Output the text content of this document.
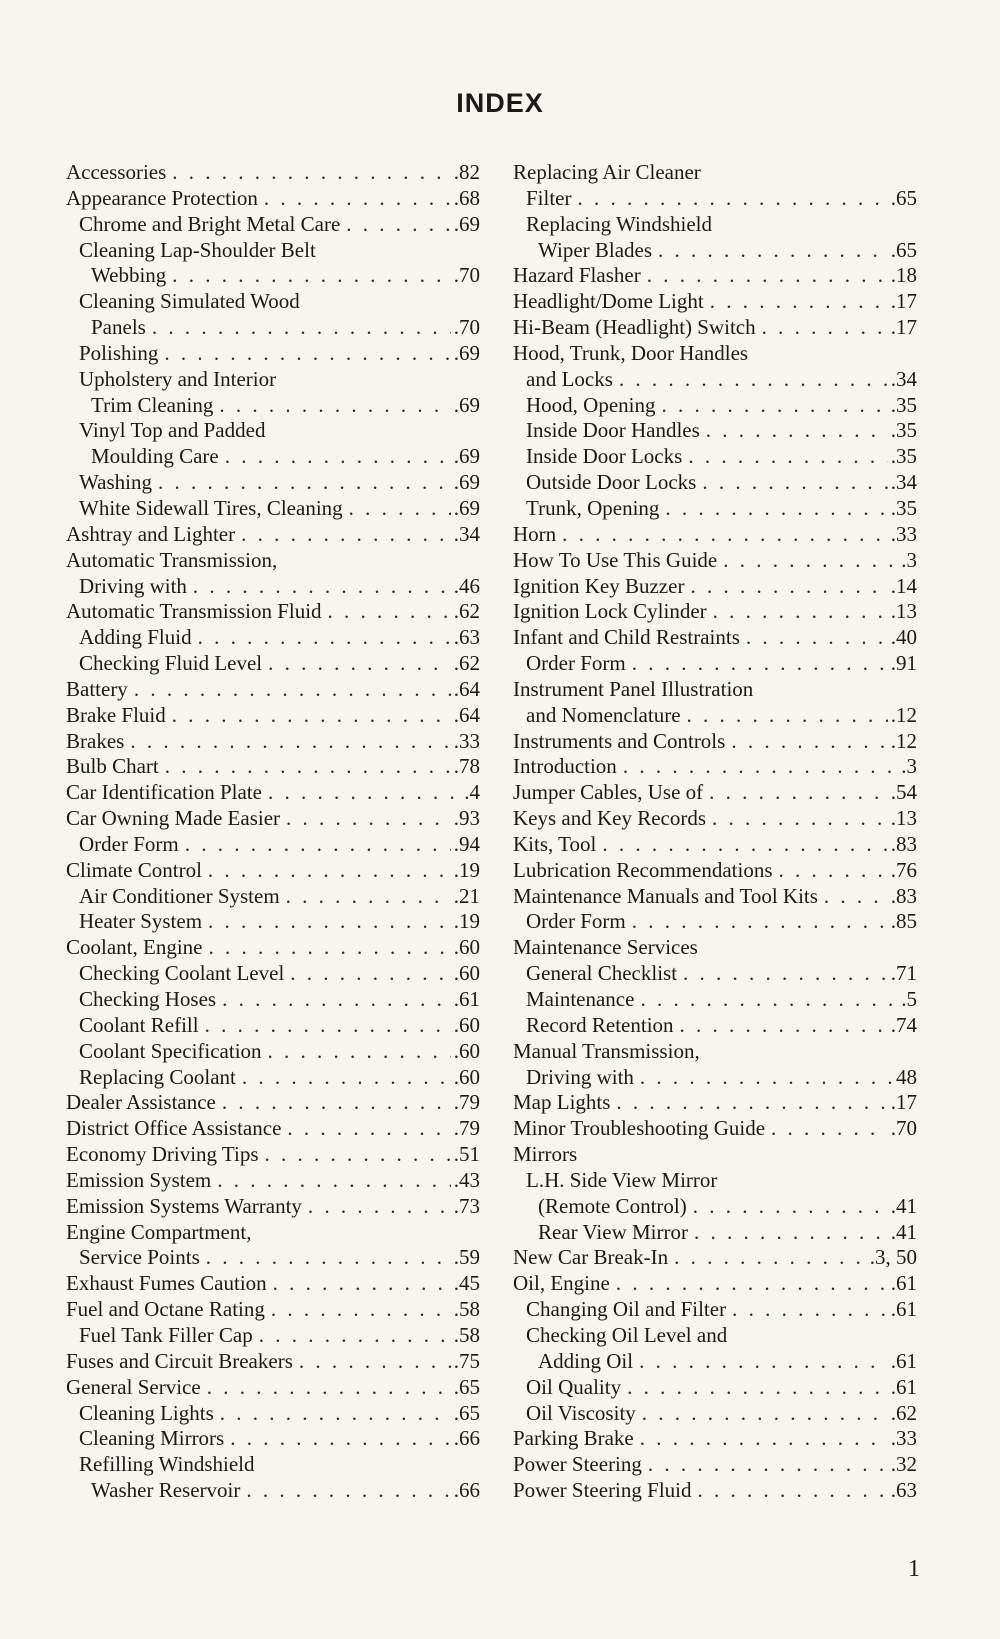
INDEX
Accessories . . .	.82
Appearance Protection . . .	.68
Chrome and Bright Metal Care . . .	.69
Cleaning Lap-Shoulder Belt
Webbing . . .	.70
Cleaning Simulated Wood
Panels . . .	.70
Polishing . . .	.69
Upholstery and Interior
Trim Cleaning . . .	.69
Vinyl Top and Padded
Moulding Care . . .	.69
Washing . . .	.69
White Sidewall Tires, Cleaning . . .	.69
Ashtray and Lighter . . .	.34
Automatic Transmission,
Driving with . . .	.46
Automatic Transmission Fluid . . .	.62
Adding Fluid . . .	.63
Checking Fluid Level . . .	.62
Battery . . .	.64
Brake Fluid . . .	.64
Brakes . . .	.33
Bulb Chart . . .	.78
Car Identification Plate . . .	.4
Car Owning Made Easier . . .	.93
Order Form . . .	.94
Climate Control . . .	.19
Air Conditioner System . . .	.21
Heater System . . .	.19
Coolant, Engine . . .	.60
Checking Coolant Level . . .	.60
Checking Hoses . . .	.61
Coolant Refill . . .	.60
Coolant Specification . . .	.60
Replacing Coolant . . .	.60
Dealer Assistance . . .	.79
District Office Assistance . . .	.79
Economy Driving Tips . . .	.51
Emission System . . .	.43
Emission Systems Warranty . . .	.73
Engine Compartment,
Service Points . . .	.59
Exhaust Fumes Caution . . .	.45
Fuel and Octane Rating . . .	.58
Fuel Tank Filler Cap . . .	.58
Fuses and Circuit Breakers . . .	.75
General Service . . .	.65
Cleaning Lights . . .	.65
Cleaning Mirrors . . .	.66
Refilling Windshield
Washer Reservoir . . .	.66
Replacing Air Cleaner
Filter . . .	.65
Replacing Windshield
Wiper Blades . . .	.65
Hazard Flasher . . .	.18
Headlight/Dome Light . . .	.17
Hi-Beam (Headlight) Switch . . .	.17
Hood, Trunk, Door Handles
and Locks . . .	.34
Hood, Opening . . .	.35
Inside Door Handles . . .	.35
Inside Door Locks . . .	.35
Outside Door Locks . . .	.34
Trunk, Opening . . .	.35
Horn . . .	.33
How To Use This Guide . . .	.3
Ignition Key Buzzer . . .	.14
Ignition Lock Cylinder . . .	.13
Infant and Child Restraints . . .	.40
Order Form . . .	.91
Instrument Panel Illustration
and Nomenclature . . .	.12
Instruments and Controls . . .	.12
Introduction . . .	.3
Jumper Cables, Use of . . .	.54
Keys and Key Records . . .	.13
Kits, Tool . . .	.83
Lubrication Recommendations . . .	.76
Maintenance Manuals and Tool Kits . . .	.83
Order Form . . .	.85
Maintenance Services
General Checklist . . .	.71
Maintenance . . .	.5
Record Retention . . .	.74
Manual Transmission,
Driving with . . .	48
Map Lights . . .	.17
Minor Troubleshooting Guide . . .	.70
Mirrors
L.H. Side View Mirror
(Remote Control) . . .	.41
Rear View Mirror . . .	.41
New Car Break-In . . .	.3, 50
Oil, Engine . . .	.61
Changing Oil and Filter . . .	.61
Checking Oil Level and
Adding Oil . . .	.61
Oil Quality . . .	.61
Oil Viscosity . . .	.62
Parking Brake . . .	.33
Power Steering . . .	.32
Power Steering Fluid . . .	.63
1
